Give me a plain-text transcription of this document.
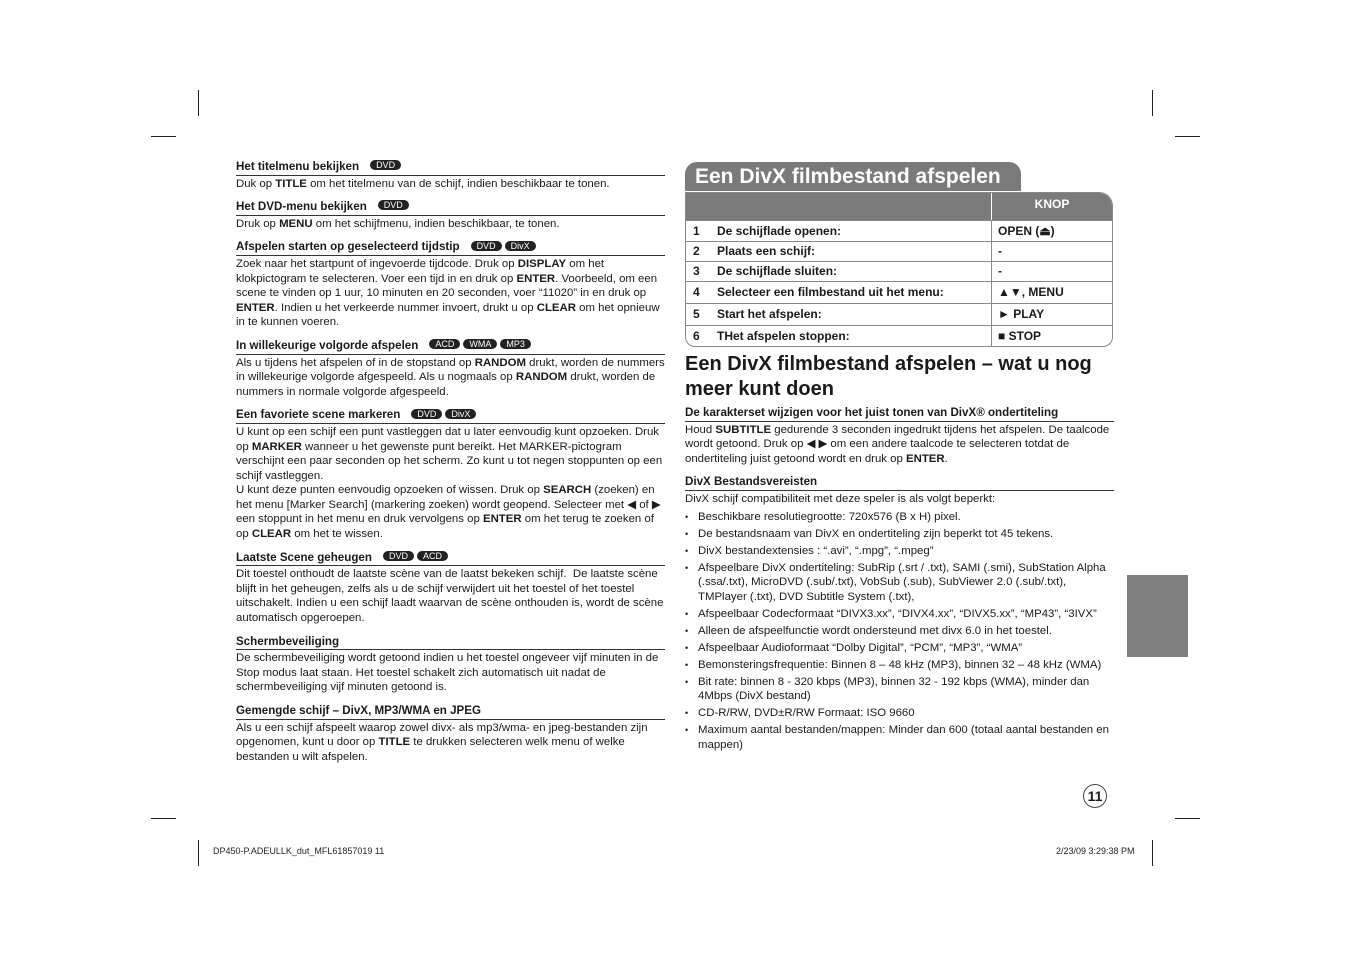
Het titelmenu bekijken	DVD
Duk op TITLE om het titelmenu van de schijf, indien beschikbaar te tonen.
Het DVD-menu bekijken	DVD
Druk op MENU om het schijfmenu, indien beschikbaar, te tonen.
Afspelen starten op geselecteerd tijdstip	DVD	DivX
Zoek naar het startpunt of ingevoerde tijdcode. Druk op DISPLAY om het klokpictogram te selecteren. Voer een tijd in en druk op ENTER. Voorbeeld, om een scene te vinden op 1 uur, 10 minuten en 20 seconden, voer “11020” in en druk op ENTER. Indien u het verkeerde nummer invoert, drukt u op CLEAR om het opnieuw in te kunnen voeren.
In willekeurige volgorde afspelen	ACD	WMA	MP3
Als u tijdens het afspelen of in de stopstand op RANDOM drukt, worden de nummers in willekeurige volgorde afgespeeld. Als u nogmaals op RANDOM drukt, worden de nummers in normale volgorde afgespeeld.
Een favoriete scene markeren	DVD	DivX
U kunt op een schijf een punt vastleggen dat u later eenvoudig kunt opzoeken. Druk op MARKER wanneer u het gewenste punt bereikt. Het MARKER-pictogram verschijnt een paar seconden op het scherm. Zo kunt u tot negen stoppunten op een schijf vastleggen.
U kunt deze punten eenvoudig opzoeken of wissen. Druk op SEARCH (zoeken) en het menu [Marker Search] (markering zoeken) wordt geopend. Selecteer met ◀ of ▶ een stoppunt in het menu en druk vervolgens op ENTER om het terug te zoeken of op CLEAR om het te wissen.
Laatste Scene geheugen	DVD	ACD
Dit toestel onthoudt de laatste scène van de laatst bekeken schijf.  De laatste scène blijft in het geheugen, zelfs als u de schijf verwijdert uit het toestel of het toestel uitschakelt. Indien u een schijf laadt waarvan de scène onthouden is, wordt de scène automatisch opgeroepen.
Schermbeveiliging
De schermbeveiliging wordt getoond indien u het toestel ongeveer vijf minuten in de Stop modus laat staan. Het toestel schakelt zich automatisch uit nadat de schermbeveiliging vijf minuten getoond is.
Gemengde schijf – DivX, MP3/WMA en JPEG
Als u een schijf afspeelt waarop zowel divx- als mp3/wma- en jpeg-bestanden zijn opgenomen, kunt u door op TITLE te drukken selecteren welk menu of welke bestanden u wilt afspelen.
Een DivX filmbestand afspelen
KNOP
1	De schijflade openen:	OPEN (⏏)
2	Plaats een schijf:	-
3	De schijflade sluiten:	-
4	Selecteer een filmbestand uit het menu:	▲▼, MENU
5	Start het afspelen:	► PLAY
6	THet afspelen stoppen:	■ STOP
Een DivX filmbestand afspelen – wat u nog meer kunt doen
De karakterset wijzigen voor het juist tonen van DivX® ondertiteling
Houd SUBTITLE gedurende 3 seconden ingedrukt tijdens het afspelen. De taalcode wordt getoond. Druk op ◀ ▶ om een andere taalcode te selecteren totdat de ondertiteling juist getoond wordt en druk op ENTER.
DivX Bestandsvereisten
DivX schijf compatibiliteit met deze speler is als volgt beperkt:
• Beschikbare resolutiegrootte: 720x576 (B x H) pixel.
• De bestandsnaam van DivX en ondertiteling zijn beperkt tot 45 tekens.
• DivX bestandextensies : “.avi”, “.mpg”, “.mpeg”
• Afspeelbare DivX ondertiteling: SubRip (.srt / .txt), SAMI (.smi), SubStation Alpha (.ssa/.txt), MicroDVD (.sub/.txt), VobSub (.sub), SubViewer 2.0 (.sub/.txt), TMPlayer (.txt), DVD Subtitle System (.txt),
• Afspeelbaar Codecformaat “DIVX3.xx”, “DIVX4.xx”, “DIVX5.xx”, “MP43”, “3IVX”
• Alleen de afspeelfunctie wordt ondersteund met divx 6.0 in het toestel.
• Afspeelbaar Audioformaat “Dolby Digital”, “PCM”, “MP3”, “WMA”
• Bemonsteringsfrequentie: Binnen 8 – 48 kHz (MP3), binnen 32 – 48 kHz (WMA)
• Bit rate: binnen 8 - 320 kbps (MP3), binnen 32 - 192 kbps (WMA), minder dan 4Mbps (DivX bestand)
• CD-R/RW, DVD±R/RW Formaat: ISO 9660
• Maximum aantal bestanden/mappen: Minder dan 600 (totaal aantal bestanden en mappen)
11
DP450-P.ADEULLK_dut_MFL61857019 11	2/23/09 3:29:38 PM
